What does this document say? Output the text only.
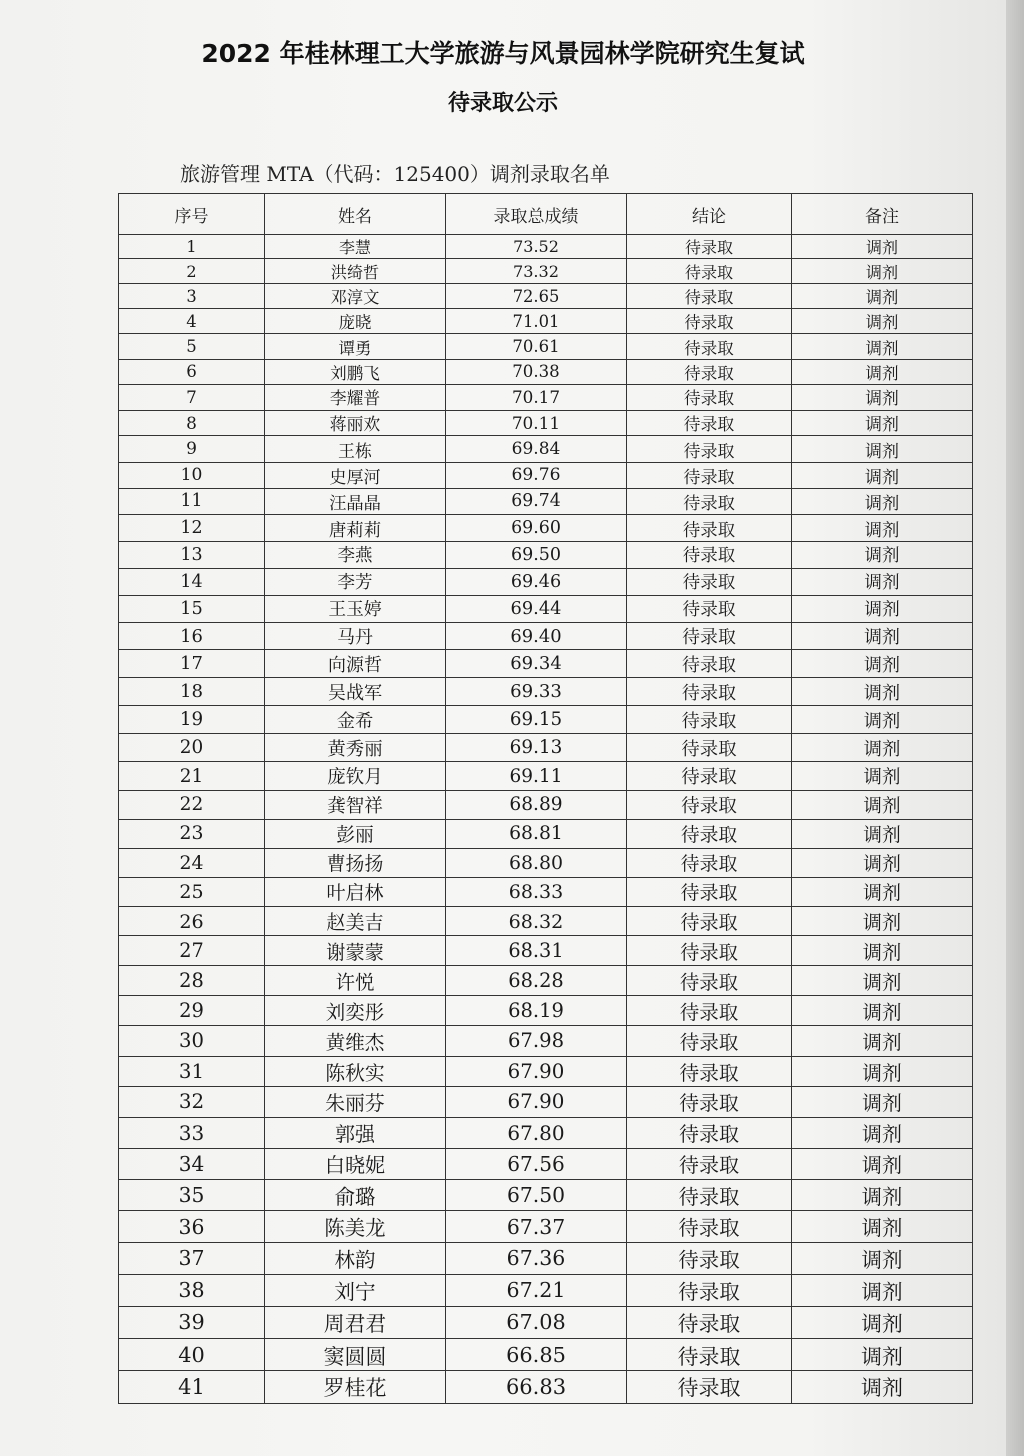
2022 年桂林理工大学旅游与风景园林学院研究生复试
待录取公示

旅游管理 MTA（代码：125400）调剂录取名单

序号	姓名	录取总成绩	结论	备注
1	李慧	73.52	待录取	调剂
2	洪绮哲	73.32	待录取	调剂
3	邓淳文	72.65	待录取	调剂
4	庞晓	71.01	待录取	调剂
5	谭勇	70.61	待录取	调剂
6	刘鹏飞	70.38	待录取	调剂
7	李耀普	70.17	待录取	调剂
8	蒋丽欢	70.11	待录取	调剂
9	王栋	69.84	待录取	调剂
10	史厚河	69.76	待录取	调剂
11	汪晶晶	69.74	待录取	调剂
12	唐莉莉	69.60	待录取	调剂
13	李燕	69.50	待录取	调剂
14	李芳	69.46	待录取	调剂
15	王玉婷	69.44	待录取	调剂
16	马丹	69.40	待录取	调剂
17	向源哲	69.34	待录取	调剂
18	吴战军	69.33	待录取	调剂
19	金希	69.15	待录取	调剂
20	黄秀丽	69.13	待录取	调剂
21	庞钦月	69.11	待录取	调剂
22	龚智祥	68.89	待录取	调剂
23	彭丽	68.81	待录取	调剂
24	曹扬扬	68.80	待录取	调剂
25	叶启林	68.33	待录取	调剂
26	赵美吉	68.32	待录取	调剂
27	谢蒙蒙	68.31	待录取	调剂
28	许悦	68.28	待录取	调剂
29	刘奕彤	68.19	待录取	调剂
30	黄维杰	67.98	待录取	调剂
31	陈秋实	67.90	待录取	调剂
32	朱丽芬	67.90	待录取	调剂
33	郭强	67.80	待录取	调剂
34	白晓妮	67.56	待录取	调剂
35	俞璐	67.50	待录取	调剂
36	陈美龙	67.37	待录取	调剂
37	林韵	67.36	待录取	调剂
38	刘宁	67.21	待录取	调剂
39	周君君	67.08	待录取	调剂
40	窦圆圆	66.85	待录取	调剂
41	罗桂花	66.83	待录取	调剂
